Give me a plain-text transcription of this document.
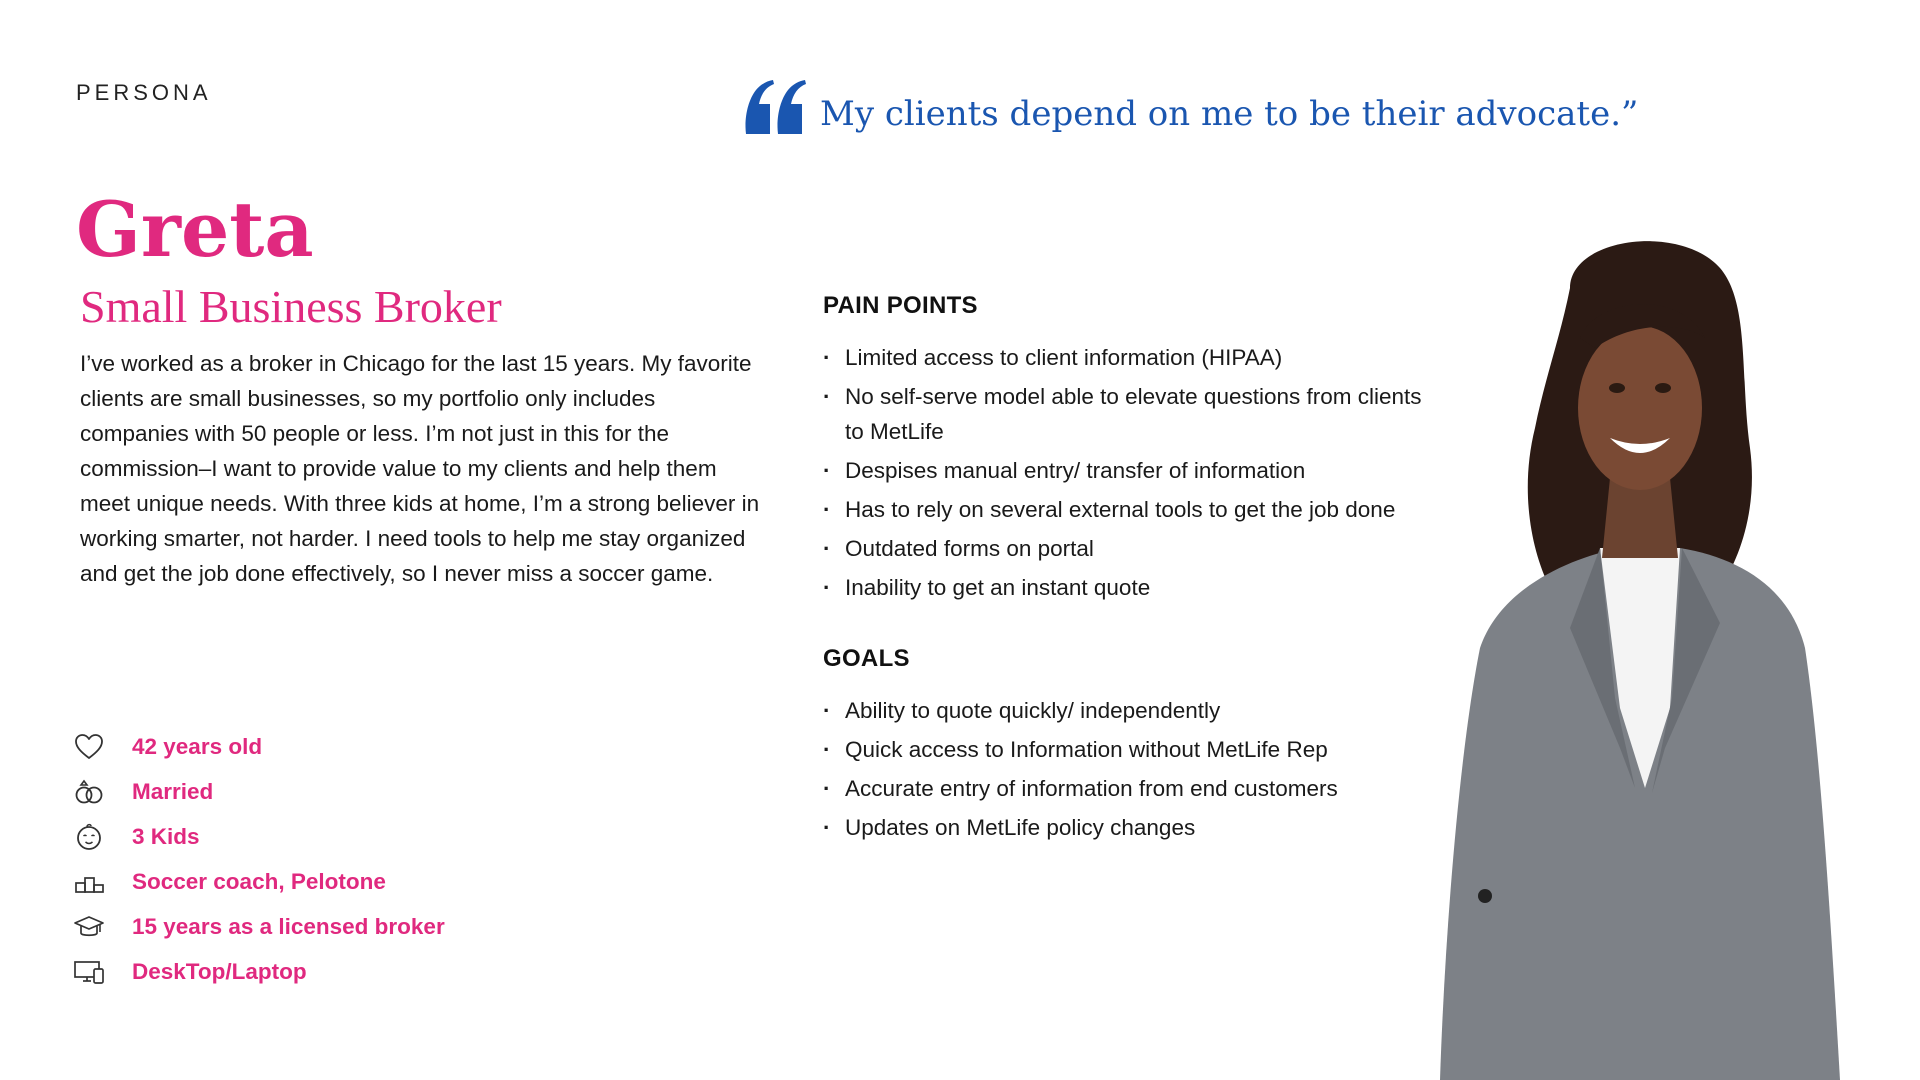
PERSONA
My clients depend on me to be their advocate.”
Greta
Small Business Broker

I’ve worked as a broker in Chicago for the last 15 years. My favorite clients are small businesses, so my portfolio only includes companies with 50 people or less. I’m not just in this for the commission–I want to provide value to my clients and help them meet unique needs. With three kids at home, I’m a strong believer in working smarter, not harder. I need tools to help me stay organized and get the job done effectively, so I never miss a soccer game.

42 years old
Married
3 Kids
Soccer coach, Pelotone
15 years as a licensed broker
DeskTop/Laptop
PAIN POINTS
· Limited access to client information (HIPAA)
· No self-serve model able to elevate questions from clients to MetLife
· Despises manual entry/ transfer of information
· Has to rely on several external tools to get the job done
· Outdated forms on portal
· Inability to get an instant quote
GOALS
· Ability to quote quickly/ independently
· Quick access to Information without MetLife Rep
· Accurate entry of information from end customers
· Updates on MetLife policy changes
